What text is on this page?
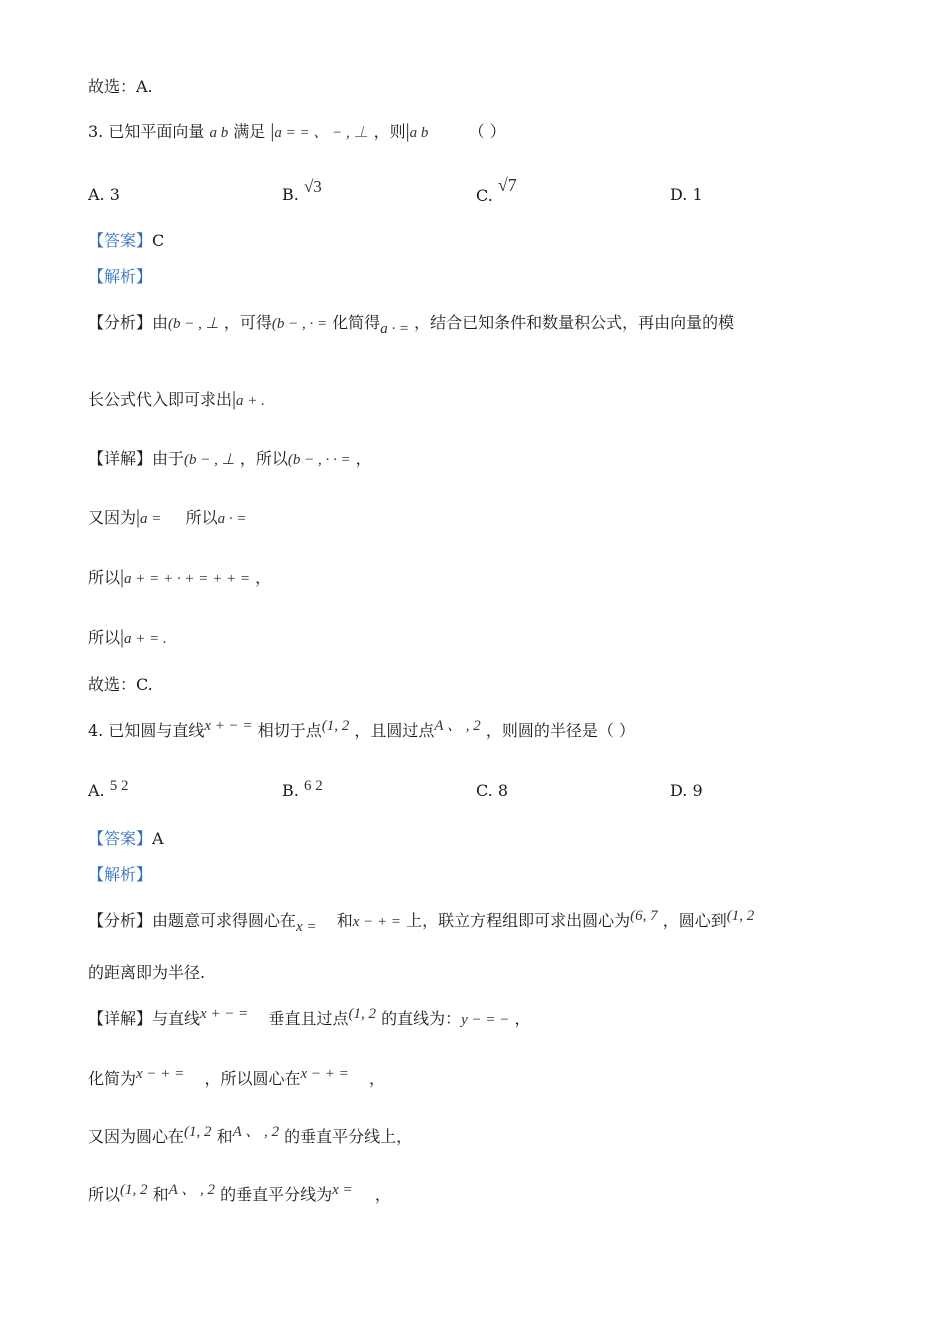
故选：A.
3. 已知平面向量 a b 满足 |a = = 、 − , ⊥ ，则|a b	（ ）
A. 3	B. √3	C. √7	D. 1
【答案】C
【解析】
【分析】由(b − , ⊥ ，可得(b − , · = 化简得a · = ，结合已知条件和数量积公式，再由向量的模
长公式代入即可求出|a + .
【详解】由于(b − , ⊥ ，所以(b − , · · = ，
又因为|a = 所以a · =
所以|a + = + · + = + + = ，
所以|a + = .
故选：C.
4. 已知圆与直线x + − = 相切于点(1, 2 ，且圆过点A 、 , 2 ，则圆的半径是（ ）
A. 5 2	B. 6 2	C. 8	D. 9
【答案】A
【解析】
【分析】由题意可求得圆心在x = 和x − + = 上，联立方程组即可求出圆心为(6, 7 ，圆心到(1, 2
的距离即为半径.
【详解】与直线x + − = 垂直且过点(1, 2 的直线为：y − = − ，
化简为x − + = ，所以圆心在x − + = ，
又因为圆心在(1, 2 和A 、 , 2 的垂直平分线上，
所以(1, 2 和A 、 , 2 的垂直平分线为x = ，
